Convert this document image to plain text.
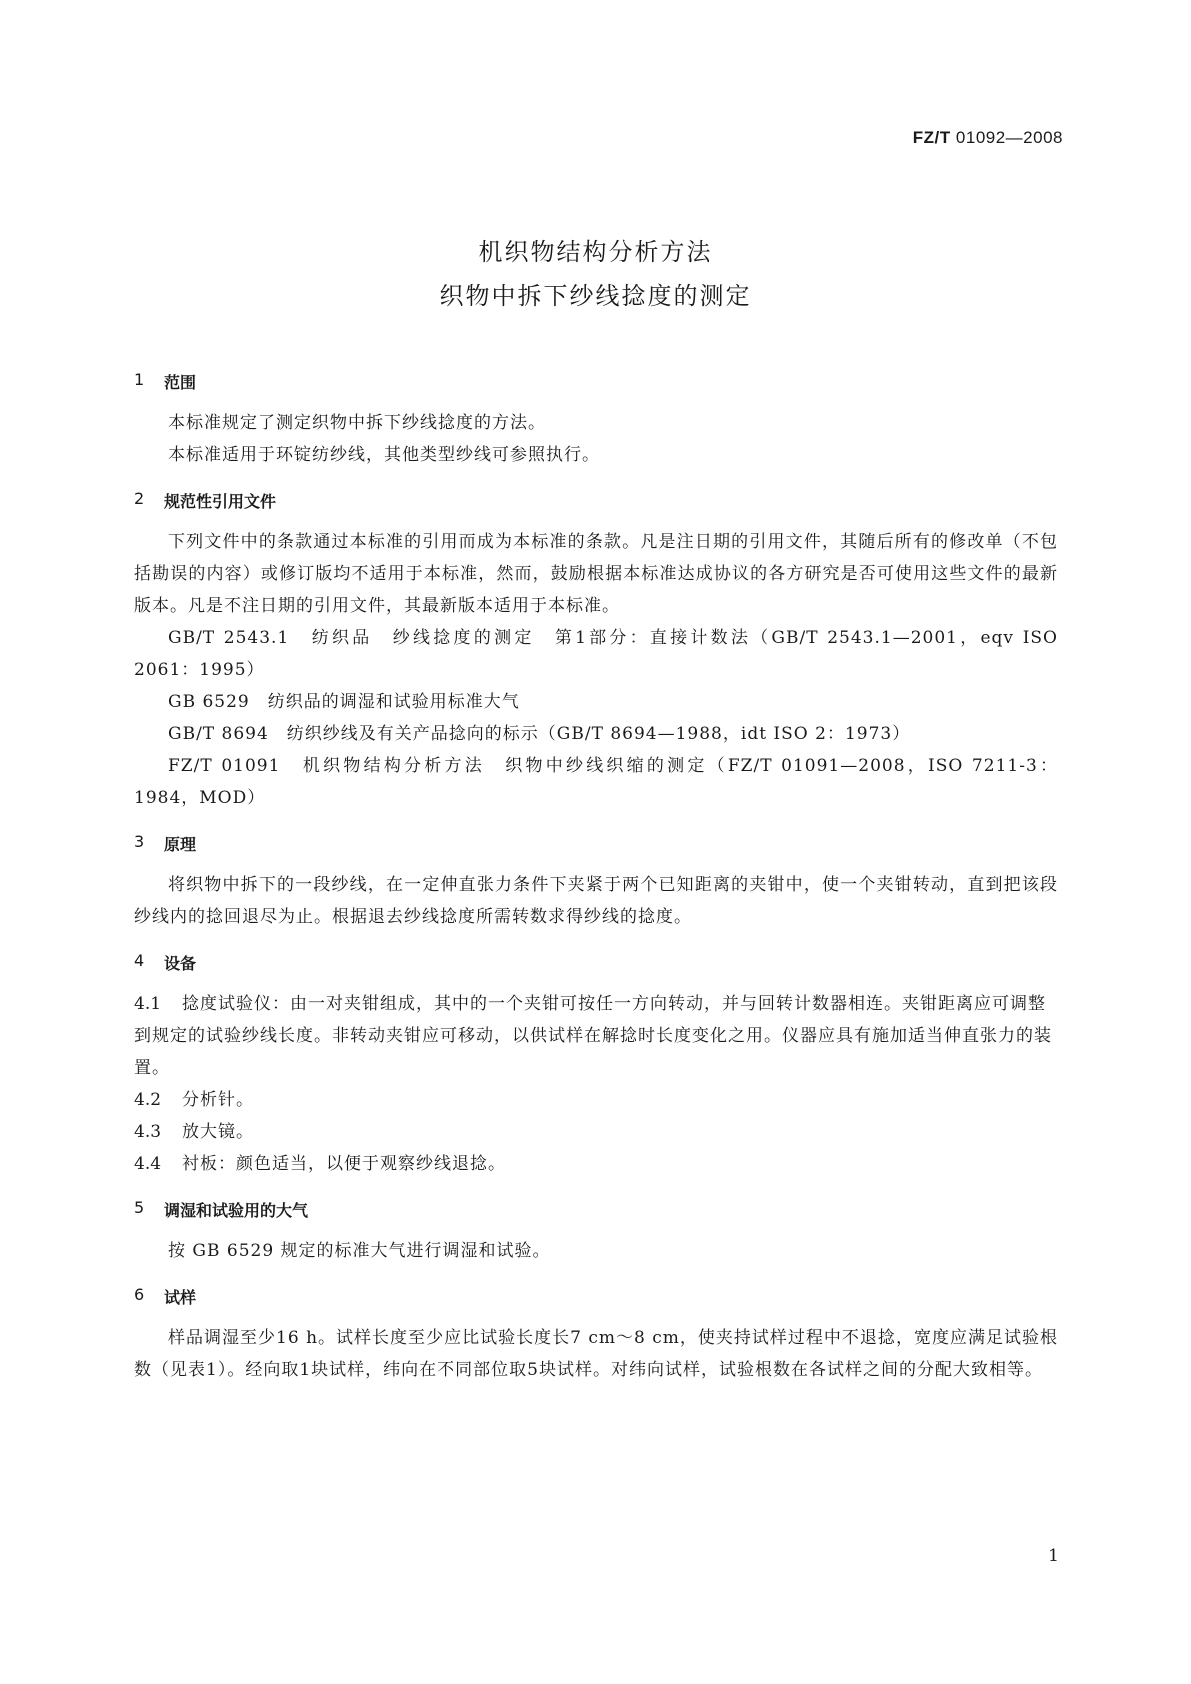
FZ/T 01092—2008
机织物结构分析方法
织物中拆下纱线捻度的测定
1	范围

本标准规定了测定织物中拆下纱线捻度的方法。

本标准适用于环锭纺纱线，其他类型纱线可参照执行。

2	规范性引用文件

下列文件中的条款通过本标准的引用而成为本标准的条款。凡是注日期的引用文件，其随后所有的修改单（不包括勘误的内容）或修订版均不适用于本标准，然而，鼓励根据本标准达成协议的各方研究是否可使用这些文件的最新版本。凡是不注日期的引用文件，其最新版本适用于本标准。

GB/T 2543.1　纺织品　纱线捻度的测定　第1部分：直接计数法（GB/T 2543.1—2001，eqv ISO 2061：1995）

GB 6529　纺织品的调湿和试验用标准大气

GB/T 8694　纺织纱线及有关产品捻向的标示（GB/T 8694—1988，idt ISO 2：1973）

FZ/T 01091　机织物结构分析方法　织物中纱线织缩的测定（FZ/T 01091—2008，ISO 7211-3：1984，MOD）

3	原理

将织物中拆下的一段纱线，在一定伸直张力条件下夹紧于两个已知距离的夹钳中，使一个夹钳转动，直到把该段纱线内的捻回退尽为止。根据退去纱线捻度所需转数求得纱线的捻度。

4	设备
4.1 捻度试验仪：由一对夹钳组成，其中的一个夹钳可按任一方向转动，并与回转计数器相连。夹钳距离应可调整到规定的试验纱线长度。非转动夹钳应可移动，以供试样在解捻时长度变化之用。仪器应具有施加适当伸直张力的装置。
4.2 分析针。
4.3 放大镜。
4.4 衬板：颜色适当，以便于观察纱线退捻。
5	调湿和试验用的大气

按 GB 6529 规定的标准大气进行调湿和试验。

6	试样

样品调湿至少16 h。试样长度至少应比试验长度长7 cm～8 cm，使夹持试样过程中不退捻，宽度应满足试验根数（见表1）。经向取1块试样，纬向在不同部位取5块试样。对纬向试样，试验根数在各试样之间的分配大致相等。

1
